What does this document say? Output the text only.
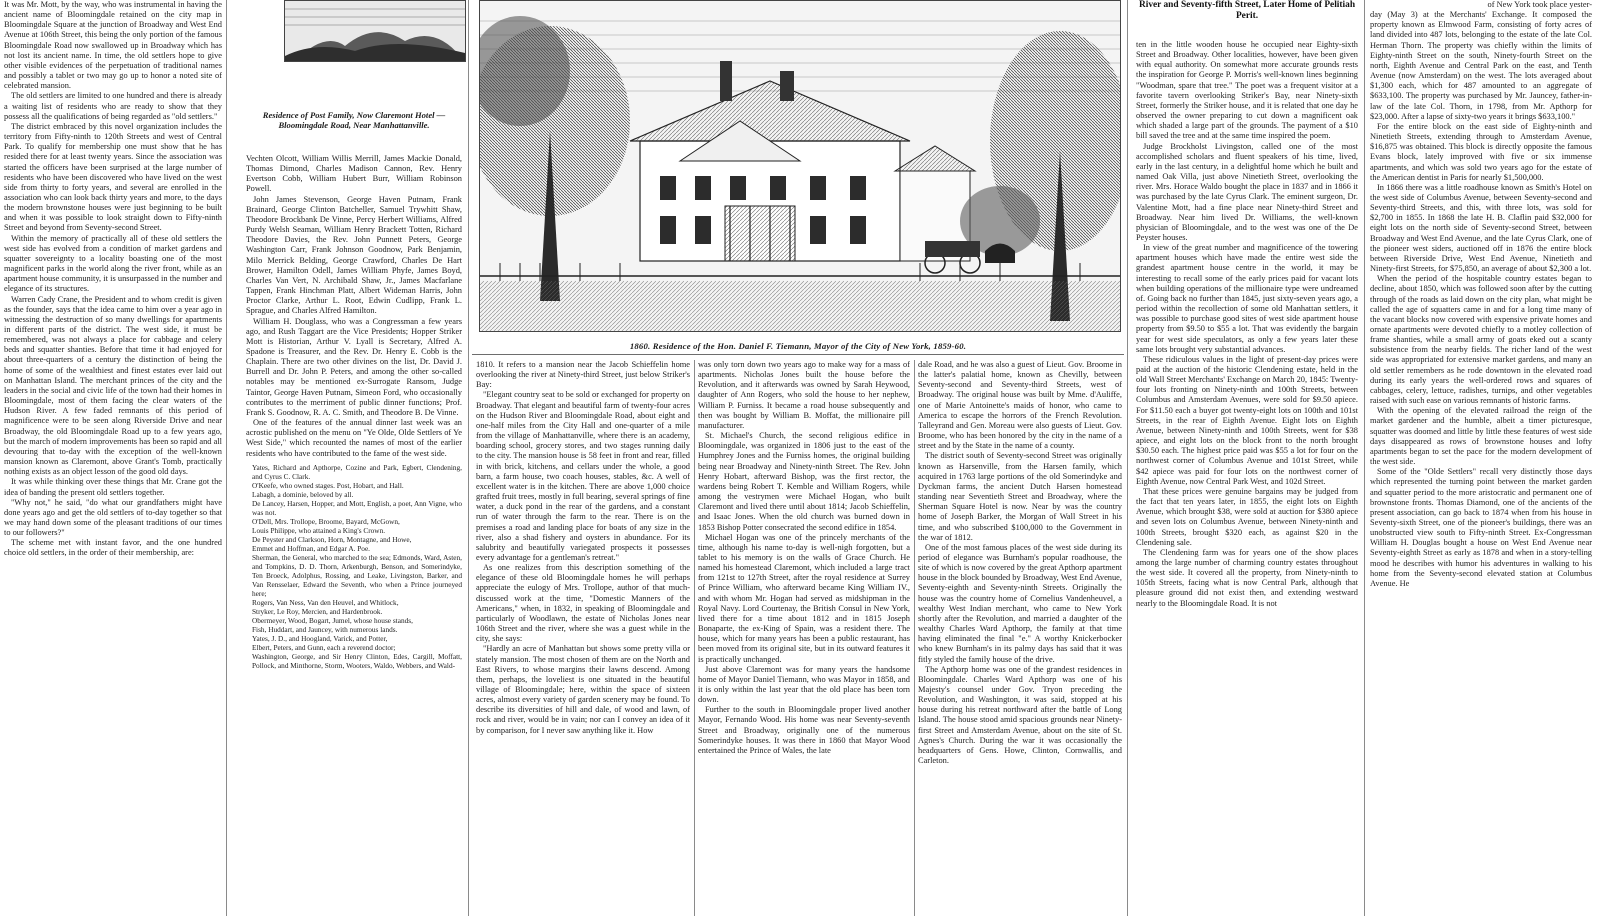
It was Mr. Mott, by the way, who was instrumental in having the ancient name of Bloomingdale retained on the city map in Bloomingdale Square at the junction of Broadway and West End Avenue at 106th Street, this being the only portion of the famous Bloomingdale Road now swallowed up in Broadway which has not lost its ancient name. In time, the old settlers hope to give other visible evidences of the perpetuation of traditional names and possibly a tablet or two may go up to honor a noted site of celebrated mansion.

The old settlers are limited to one hundred and there is already a waiting list of residents who are ready to show that they possess all the qualifications of being regarded as "old settlers."

The district embraced by this novel organization includes the territory from Fifty-ninth to 120th Streets and west of Central Park. To qualify for membership one must show that he has resided there for at least twenty years. Since the association was started the officers have been surprised at the large number of residents who have been discovered who have lived on the west side from thirty to forty years, and several are enrolled in the association who can look back thirty years and more, to the days the modern brownstone houses were just beginning to be built and when it was possible to look straight down to Fifty-ninth Street and beyond from Seventy-second Street.

Within the memory of practically all of these old settlers the west side has evolved from a condition of market gardens and squatter sovereignty to a locality boasting one of the most magnificent parks in the world along the river front, while as an apartment house community, it is unsurpassed in the number and elegance of its structures.

Warren Cady Crane, the President and to whom credit is given as the founder, says that the idea came to him over a year ago in witnessing the destruction of so many dwellings for apartments in different parts of the district. The west side, it must be remembered, was not always a place for cabbage and celery beds and squatter shanties. Before that time it had enjoyed for about three-quarters of a century the distinction of being the home of some of the wealthiest and finest estates ever laid out on Manhattan Island. The merchant princes of the city and the leaders in the social and civic life of the town had their homes in Bloomingdale, most of them facing the clear waters of the Hudson River. A few faded remnants of this period of magnificence were to be seen along Riverside Drive and near Broadway, the old Bloomingdale Road up to a few years ago, but the march of modern improvements has been so rapid and all devouring that to-day with the exception of the well-known mansion known as Claremont, above Grant's Tomb, practically nothing exists as an object lesson of the good old days.

It was while thinking over these things that Mr. Crane got the idea of banding the present old settlers together.

"Why not," he said, "do what our grandfathers might have done years ago and get the old settlers of to-day together so that we may hand down some of the pleasant traditions of our times to our followers?"

The scheme met with instant favor, and the one hundred choice old settlers, in the order of their membership, are:

Residence of Post Family, Now Claremont Hotel — Bloomingdale Road, Near Manhattanville.

Vechten Olcott, William Willis Merrill, James Mackie Donald, Thomas Dimond, Charles Madison Cannon, Rev. Henry Evertson Cobb, William Hubert Burr, William Robinson Powell.

John James Stevenson, George Haven Putnam, Frank Brainard, George Clinton Batcheller, Samuel Trywhitt Shaw, Theodore Brockbank De Vinne, Percy Herbert Williams, Alfred Purdy Welsh Seaman, William Henry Brackett Totten, Richard Theodore Davies, the Rev. John Punnett Peters, George Washington Carr, Frank Johnson Goodnow, Park Benjamin, Milo Merrick Belding, George Crawford, Charles De Hart Brower, Hamilton Odell, James William Phyfe, James Boyd, Charles Van Vert, N. Archibald Shaw, Jr., James Macfarlane Tappen, Frank Hinchman Platt, Albert Wideman Harris, John Proctor Clarke, Arthur L. Root, Edwin Cudlipp, Frank L. Sprague, and Charles Alfred Hamilton.

William H. Douglass, who was a Congressman a few years ago, and Rush Taggart are the Vice Presidents; Hopper Striker Mott is Historian, Arthur V. Lyall is Secretary, Alfred A. Spadone is Treasurer, and the Rev. Dr. Henry E. Cobb is the Chaplain. There are two other divines on the list, Dr. David J. Burrell and Dr. John P. Peters, and among the other so-called notables may be mentioned ex-Surrogate Ransom, Judge Taintor, George Haven Putnam, Simeon Ford, who occasionally contributes to the merriment of public dinner functions; Prof. Frank S. Goodnow, R. A. C. Smith, and Theodore B. De Vinne.

One of the features of the annual dinner last week was an acrostic published on the menu on "Ye Olde, Olde Settlers of Ye West Side," which recounted the names of most of the earlier residents who have contributed to the fame of the west side.

Yates, Richard and Apthorpe, Cozine and Park, Egbert, Clendening, and Cyrus C. Clark.

O'Keefe, who owned stages. Post, Hobart, and Hall.

Labagh, a dominie, beloved by all.

De Lancey, Harsen, Hopper, and Mott, English, a poet, Ann Vigne, who was not.

O'Dell, Mrs. Trollope, Broome, Bayard, McGown,

Louis Philippe, who attained a King's Crown.

De Peyster and Clarkson, Horn, Montagne, and Howe,

Emmet and Hoffman, and Edgar A. Poe.

Sherman, the General, who marched to the sea; Edmonds, Ward, Asten, and Tompkins, D. D. Thorn, Arkenburgh, Benson, and Somerindyke, Ten Broeck, Adolphus, Rossing, and Leake, Livingston, Barker, and Van Rensselaer, Edward the Seventh, who when a Prince journeyed here;

Rogers, Van Ness, Van den Heuvel, and Whitlock,

Stryker, Le Roy, Mercien, and Hardenbrook.

Obermeyer, Wood, Bogart, Jumel, whose house stands,

Fish, Huddart, and Jauncey, with numerous lands.

Yates, J. D., and Hoogland, Varick, and Potter,

Elbert, Peters, and Gunn, each a reverend doctor;

Washington, George, and Sir Henry Clinton, Edes, Cargill, Moffatt, Pollock, and Minthorne, Storm, Wooters, Waldo, Webbers, and Wald-

1860. Residence of the Hon. Daniel F. Tiemann, Mayor of the City of New York, 1859-60.

1810. It refers to a mansion near the Jacob Schieffelin home overlooking the river at Ninety-third Street, just below Striker's Bay:

"Elegant country seat to be sold or exchanged for property on Broadway. That elegant and beautiful farm of twenty-four acres on the Hudson River and Bloomingdale Road, about eight and one-half miles from the City Hall and one-quarter of a mile from the village of Manhattanville, where there is an academy, boarding school, grocery stores, and two stages running daily to the city. The mansion house is 58 feet in front and rear, filled in with brick, kitchens, and cellars under the whole, a good barn, a farm house, two coach houses, stables, &c. A well of excellent water is in the kitchen. There are above 1,000 choice grafted fruit trees, mostly in full bearing, several springs of fine water, a duck pond in the rear of the gardens, and a constant run of water through the farm to the rear. There is on the premises a road and landing place for boats of any size in the river, also a shad fishery and oysters in abundance. For its salubrity and beautifully variegated prospects it possesses every advantage for a gentleman's retreat."

As one realizes from this description something of the elegance of these old Bloomingdale homes he will perhaps appreciate the eulogy of Mrs. Trollope, author of that much-discussed work at the time, "Domestic Manners of the Americans," when, in 1832, in speaking of Bloomingdale and particularly of Woodlawn, the estate of Nicholas Jones near 106th Street and the river, where she was a guest while in the city, she says:

"Hardly an acre of Manhattan but shows some pretty villa or stately mansion. The most chosen of them are on the North and East Rivers, to whose margins their lawns descend. Among them, perhaps, the loveliest is one situated in the beautiful village of Bloomingdale; here, within the space of sixteen acres, almost every variety of garden scenery may be found. To describe its diversities of hill and dale, of wood and lawn, of rock and river, would be in vain; nor can I convey an idea of it by comparison, for I never saw anything like it. How

was only torn down two years ago to make way for a mass of apartments. Nicholas Jones built the house before the Revolution, and it afterwards was owned by Sarah Heywood, daughter of Ann Rogers, who sold the house to her nephew, William P. Furniss. It became a road house subsequently and then was bought by William B. Moffat, the millionaire pill manufacturer.

St. Michael's Church, the second religious edifice in Bloomingdale, was organized in 1806 just to the east of the Humphrey Jones and the Furniss homes, the original building being near Broadway and Ninety-ninth Street. The Rev. John Henry Hobart, afterward Bishop, was the first rector, the wardens being Robert T. Kemble and William Rogers, while among the vestrymen were Michael Hogan, who built Claremont and lived there until about 1814; Jacob Schieffelin, and Isaac Jones. When the old church was burned down in 1853 Bishop Potter consecrated the second edifice in 1854.

Michael Hogan was one of the princely merchants of the time, although his name to-day is well-nigh forgotten, but a tablet to his memory is on the walls of Grace Church. He named his homestead Claremont, which included a large tract from 121st to 127th Street, after the royal residence at Surrey of Prince William, who afterward became King William IV., and with whom Mr. Hogan had served as midshipman in the Royal Navy. Lord Courtenay, the British Consul in New York, lived there for a time about 1812 and in 1815 Joseph Bonaparte, the ex-King of Spain, was a resident there. The house, which for many years has been a public restaurant, has been moved from its original site, but in its outward features it is practically unchanged.

Just above Claremont was for many years the handsome home of Mayor Daniel Tiemann, who was Mayor in 1858, and it is only within the last year that the old place has been torn down.

Further to the south in Bloomingdale proper lived another Mayor, Fernando Wood. His home was near Seventy-seventh Street and Broadway, originally one of the numerous Somerindyke houses. It was there in 1860 that Mayor Wood entertained the Prince of Wales, the late

dale Road, and he was also a guest of Lieut. Gov. Broome in the latter's palatial home, known as Chevilly, between Seventy-second and Seventy-third Streets, west of Broadway. The original house was built by Mme. d'Auliffe, one of Marie Antoinette's maids of honor, who came to America to escape the horrors of the French Revolution. Talleyrand and Gen. Moreau were also guests of Lieut. Gov. Broome, who has been honored by the city in the name of a street and by the State in the name of a county.

The district south of Seventy-second Street was originally known as Harsenville, from the Harsen family, which acquired in 1763 large portions of the old Somerindyke and Dyckman farms, the ancient Dutch Harsen homestead standing near Seventieth Street and Broadway, where the Sherman Square Hotel is now. Near by was the country home of Joseph Barker, the Morgan of Wall Street in his time, and who subscribed $100,000 to the Government in the war of 1812.

One of the most famous places of the west side during its period of elegance was Burnham's popular roadhouse, the site of which is now covered by the great Apthorp apartment house in the block bounded by Broadway, West End Avenue, Seventy-eighth and Seventy-ninth Streets. Originally the house was the country home of Cornelius Vandenheuvel, a wealthy West Indian merchant, who came to New York shortly after the Revolution, and married a daughter of the wealthy Charles Ward Apthorp, the family at that time having eliminated the final "e." A worthy Knickerbocker who knew Burnham's in its palmy days has said that it was fitly styled the family house of the drive.

The Apthorp home was one of the grandest residences in Bloomingdale. Charles Ward Apthorp was one of his Majesty's counsel under Gov. Tryon preceding the Revolution, and Washington, it was said, stopped at his house during his retreat northward after the battle of Long Island. The house stood amid spacious grounds near Ninety-first Street and Amsterdam Avenue, about on the site of St. Agnes's Church. During the war it was occasionally the headquarters of Gens. Howe, Clinton, Cornwallis, and Carleton.

River and Seventy-fifth Street, Later Home of Pelitiah Perit.

ten in the little wooden house he occupied near Eighty-sixth Street and Broadway. Other localities, however, have been given with equal authority. On somewhat more accurate grounds rests the inspiration for George P. Morris's well-known lines beginning "Woodman, spare that tree." The poet was a frequent visitor at a favorite tavern overlooking Striker's Bay, near Ninety-sixth Street, formerly the Striker house, and it is related that one day he observed the owner preparing to cut down a magnificent oak which shaded a large part of the grounds. The payment of a $10 bill saved the tree and at the same time inspired the poem.

Judge Brockholst Livingston, called one of the most accomplished scholars and fluent speakers of his time, lived, early in the last century, in a delightful home which he built and named Oak Villa, just above Ninetieth Street, overlooking the river. Mrs. Horace Waldo bought the place in 1837 and in 1866 it was purchased by the late Cyrus Clark. The eminent surgeon, Dr. Valentine Mott, had a fine place near Ninety-third Street and Broadway. Near him lived Dr. Williams, the well-known physician of Bloomingdale, and to the west was one of the De Peyster houses.

In view of the great number and magnificence of the towering apartment houses which have made the entire west side the grandest apartment house centre in the world, it may be interesting to recall some of the early prices paid for vacant lots when building operations of the millionaire type were undreamed of. Going back no further than 1845, just sixty-seven years ago, a period within the recollection of some old Manhattan settlers, it was possible to purchase good sites of west side apartment house property from $9.50 to $55 a lot. That was evidently the bargain year for west side speculators, as only a few years later these same lots brought very substantial advances.

These ridiculous values in the light of present-day prices were paid at the auction of the historic Clendening estate, held in the old Wall Street Merchants' Exchange on March 20, 1845: Twenty-four lots fronting on Ninety-ninth and 100th Streets, between Columbus and Amsterdam Avenues, were sold for $9.50 apiece. For $11.50 each a buyer got twenty-eight lots on 100th and 101st Streets, in the rear of Eighth Avenue. Eight lots on Eighth Avenue, between Ninety-ninth and 100th Streets, went for $38 apiece, and eight lots on the block front to the north brought $30.50 each. The highest price paid was $55 a lot for four on the northwest corner of Columbus Avenue and 101st Street, while $42 apiece was paid for four lots on the northwest corner of Eighth Avenue, now Central Park West, and 102d Street.

That these prices were genuine bargains may be judged from the fact that ten years later, in 1855, the eight lots on Eighth Avenue, which brought $38, were sold at auction for $380 apiece and seven lots on Columbus Avenue, between Ninety-ninth and 100th Streets, brought $320 each, as against $20 in the Clendening sale.

The Clendening farm was for years one of the show places among the large number of charming country estates throughout the west side. It covered all the property, from Ninety-ninth to 105th Streets, facing what is now Central Park, although that pleasure ground did not exist then, and extending westward nearly to the Bloomingdale Road. It is not

of New York took place yester-

day (May 3) at the Merchants' Exchange. It composed the property known as Elmwood Farm, consisting of forty acres of land divided into 487 lots, belonging to the estate of the late Col. Herman Thorn. The property was chiefly within the limits of Eighty-ninth Street on the south, Ninety-fourth Street on the north, Eighth Avenue and Central Park on the east, and Tenth Avenue (now Amsterdam) on the west. The lots averaged about $1,300 each, which for 487 amounted to an aggregate of $633,100. The property was purchased by Mr. Jauncey, father-in-law of the late Col. Thorn, in 1798, from Mr. Apthorp for $23,000. After a lapse of sixty-two years it brings $633,100."

For the entire block on the east side of Eighty-ninth and Ninetieth Streets, extending through to Amsterdam Avenue, $16,875 was obtained. This block is directly opposite the famous Evans block, lately improved with five or six immense apartments, and which was sold two years ago for the estate of the American dentist in Paris for nearly $1,500,000.

In 1866 there was a little roadhouse known as Smith's Hotel on the west side of Columbus Avenue, between Seventy-second and Seventy-third Streets, and this, with three lots, was sold for $2,700 in 1855. In 1868 the late H. B. Claflin paid $32,000 for eight lots on the north side of Seventy-second Street, between Broadway and West End Avenue, and the late Cyrus Clark, one of the pioneer west siders, auctioned off in 1876 the entire block between Riverside Drive, West End Avenue, Ninetieth and Ninety-first Streets, for $75,850, an average of about $2,300 a lot.

When the period of the hospitable country estates began to decline, about 1850, which was followed soon after by the cutting through of the roads as laid down on the city plan, what might be called the age of squatters came in and for a long time many of the vacant blocks now covered with expensive private homes and ornate apartments were devoted chiefly to a motley collection of frame shanties, while a small army of goats eked out a scanty subsistence from the nearby fields. The richer land of the west side was appropriated for extensive market gardens, and many an old settler remembers as he rode downtown in the elevated road during its early years the well-ordered rows and squares of cabbages, celery, lettuce, radishes, turnips, and other vegetables raised with such ease on various remnants of historic farms.

With the opening of the elevated railroad the reign of the market gardener and the humble, albeit a timer picturesque, squatter was doomed and little by little these features of west side days disappeared as rows of brownstone houses and lofty apartments began to set the pace for the modern development of the west side.

Some of the "Olde Settlers" recall very distinctly those days which represented the turning point between the market garden and squatter period to the more aristocratic and permanent one of brownstone fronts. Thomas Diamond, one of the ancients of the present association, can go back to 1874 when from his house in Seventy-sixth Street, one of the pioneer's buildings, there was an unobstructed view south to Fifty-ninth Street. Ex-Congressman William H. Douglas bought a house on West End Avenue near Seventy-eighth Street as early as 1878 and when in a story-telling mood he describes with humor his adventures in walking to his home from the Seventy-second elevated station at Columbus Avenue. He
